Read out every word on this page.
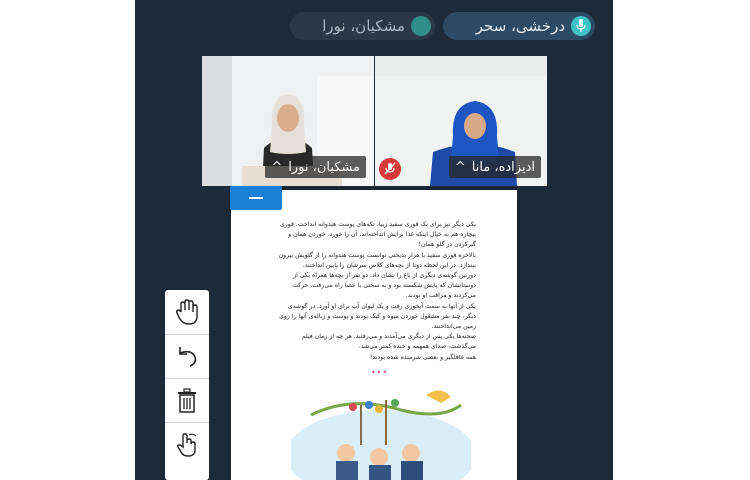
درخشی، سحر
مشکیان، نورا
مشکیان، نورا
^	ادیزاده، مانا
^

یکی دیگر نیز برای یک قوری سفید زیبا، تکه‌های پوست هندوانه انداخت. قوری بیچاره هم به خیال اینکه غذا برایش انداخته‌اند، آن را خورد. خوردن همان و گیرکردن در گلو همان!

بالاخره قوری سفید با هزار بدبختی توانست پوست هندوانه را از گلویش بیرون بیندازد. در این لحظه دوتا از بچه‌های کلاس سرشان را پایین انداختند.

دوربین گوشه‌ی دیگری از باغ را نشان داد. دو نفر از بچه‌ها همراه یکی از دوستانشان که پایش شکسته بود و به سختی با عصا راه می‌رفت، حرکت می‌کردند و مراقب او بودند.

یکی از آنها به سمت آبخوری رفت و یک لیوان آب برای او آورد. در گوشه‌ی دیگر، چند نفر مشغول خوردن میوه و کیک بودند و پوست و زباله‌ی آنها را روی زمین می‌انداختند.

صحنه‌ها یکی پس از دیگری می‌آمدند و می‌رفتند. هر چه از زمان فیلم می‌گذشت، صدای همهمه و خنده کمتر می‌شد.

همه غافلگیر و بعضی شرمنده شده بودند!

•••
